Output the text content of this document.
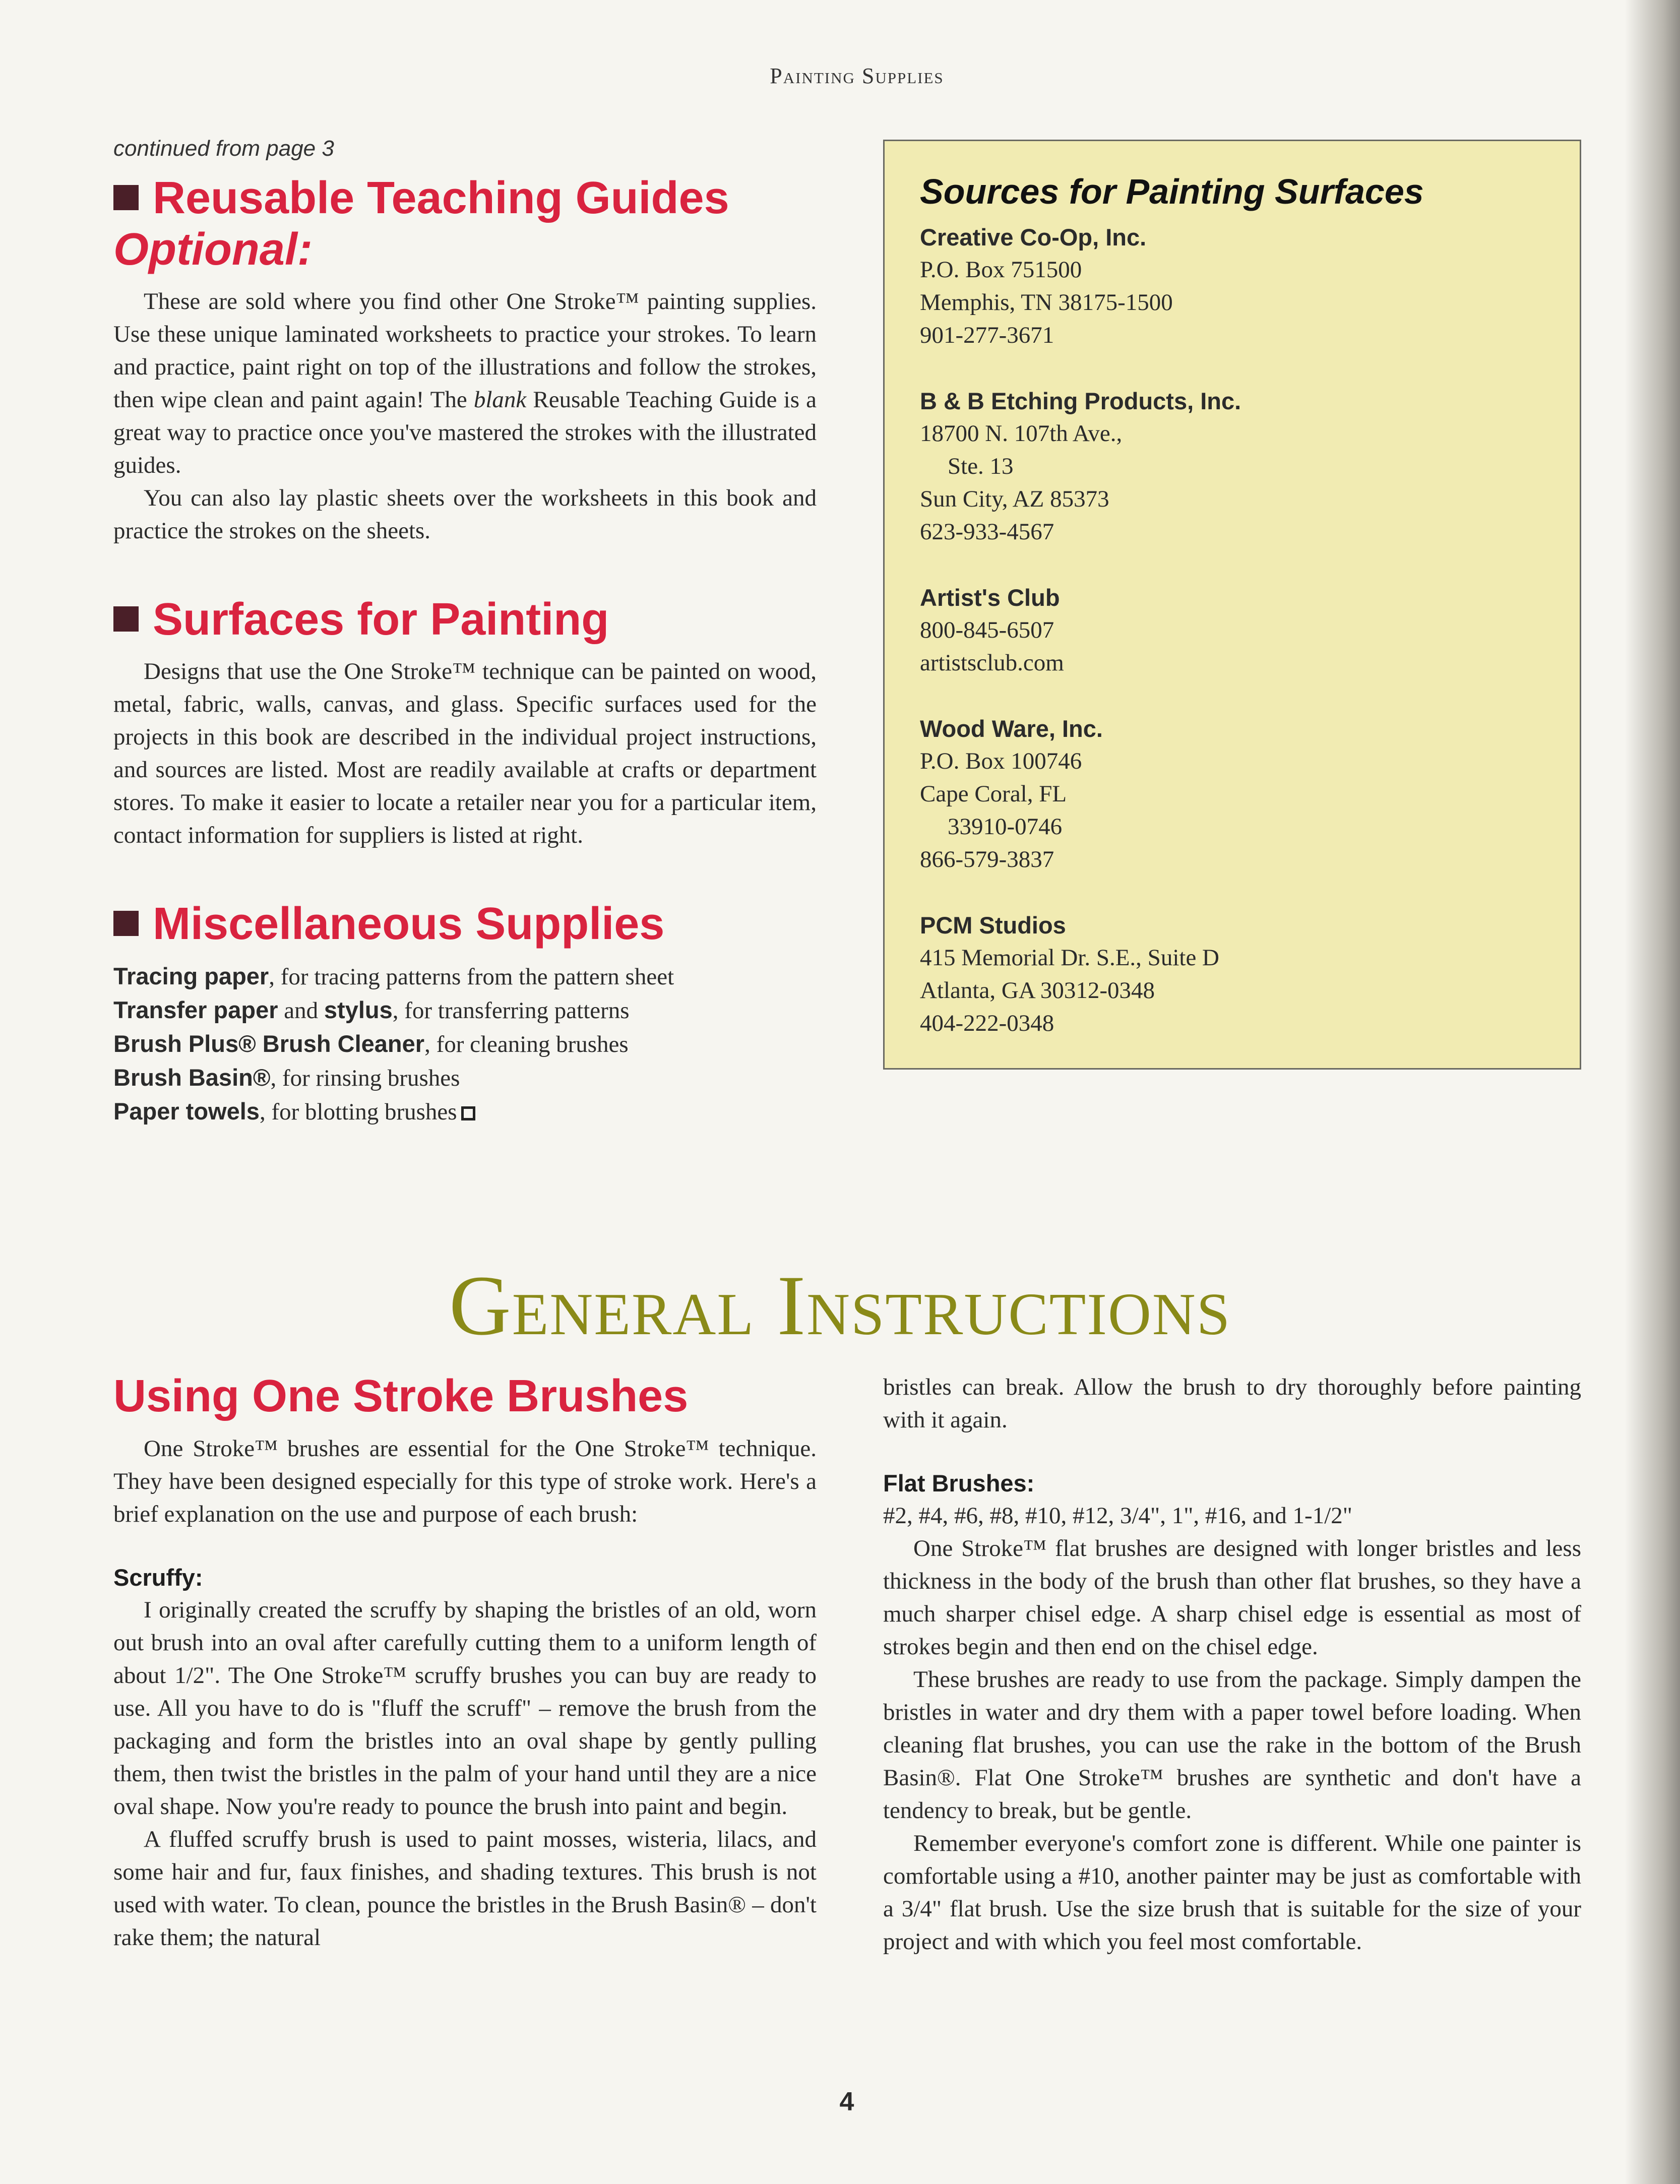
Painting Supplies
continued from page 3
Reusable Teaching Guides
Optional:

These are sold where you find other One Stroke™ painting supplies. Use these unique laminated worksheets to practice your strokes. To learn and practice, paint right on top of the illustrations and follow the strokes, then wipe clean and paint again! The blank Reusable Teaching Guide is a great way to practice once you've mastered the strokes with the illustrated guides.

You can also lay plastic sheets over the worksheets in this book and practice the strokes on the sheets.

Surfaces for Painting

Designs that use the One Stroke™ technique can be painted on wood, metal, fabric, walls, canvas, and glass. Specific surfaces used for the projects in this book are described in the individual project instructions, and sources are listed. Most are readily available at crafts or department stores. To make it easier to locate a retailer near you for a particular item, contact information for suppliers is listed at right.

Miscellaneous Supplies
Tracing paper, for tracing patterns from the pattern sheet
Transfer paper and stylus, for transferring patterns
Brush Plus® Brush Cleaner, for cleaning brushes
Brush Basin®, for rinsing brushes
Paper towels, for blotting brushes
Sources for Painting Surfaces
Creative Co-Op, Inc.
P.O. Box 751500
Memphis, TN 38175-1500
901-277-3671
B & B Etching Products, Inc.
18700 N. 107th Ave.,
Ste. 13
Sun City, AZ 85373
623-933-4567
Artist's Club
800-845-6507
artistsclub.com
Wood Ware, Inc.
P.O. Box 100746
Cape Coral, FL
33910-0746
866-579-3837
PCM Studios
415 Memorial Dr. S.E., Suite D
Atlanta, GA 30312-0348
404-222-0348
General Instructions
Using One Stroke Brushes

One Stroke™ brushes are essential for the One Stroke™ technique. They have been designed especially for this type of stroke work. Here's a brief explanation on the use and purpose of each brush:

Scruffy:

I originally created the scruffy by shaping the bristles of an old, worn out brush into an oval after carefully cutting them to a uniform length of about 1/2". The One Stroke™ scruffy brushes you can buy are ready to use. All you have to do is "fluff the scruff" – remove the brush from the packaging and form the bristles into an oval shape by gently pulling them, then twist the bristles in the palm of your hand until they are a nice oval shape. Now you're ready to pounce the brush into paint and begin.

A fluffed scruffy brush is used to paint mosses, wisteria, lilacs, and some hair and fur, faux finishes, and shading textures. This brush is not used with water. To clean, pounce the bristles in the Brush Basin® – don't rake them; the natural

bristles can break. Allow the brush to dry thoroughly before painting with it again.

Flat Brushes:

#2, #4, #6, #8, #10, #12, 3/4", 1", #16, and 1-1/2"

One Stroke™ flat brushes are designed with longer bristles and less thickness in the body of the brush than other flat brushes, so they have a much sharper chisel edge. A sharp chisel edge is essential as most of strokes begin and then end on the chisel edge.

These brushes are ready to use from the package. Simply dampen the bristles in water and dry them with a paper towel before loading. When cleaning flat brushes, you can use the rake in the bottom of the Brush Basin®. Flat One Stroke™ brushes are synthetic and don't have a tendency to break, but be gentle.

Remember everyone's comfort zone is different. While one painter is comfortable using a #10, another painter may be just as comfortable with a 3/4" flat brush. Use the size brush that is suitable for the size of your project and with which you feel most comfortable.

4
